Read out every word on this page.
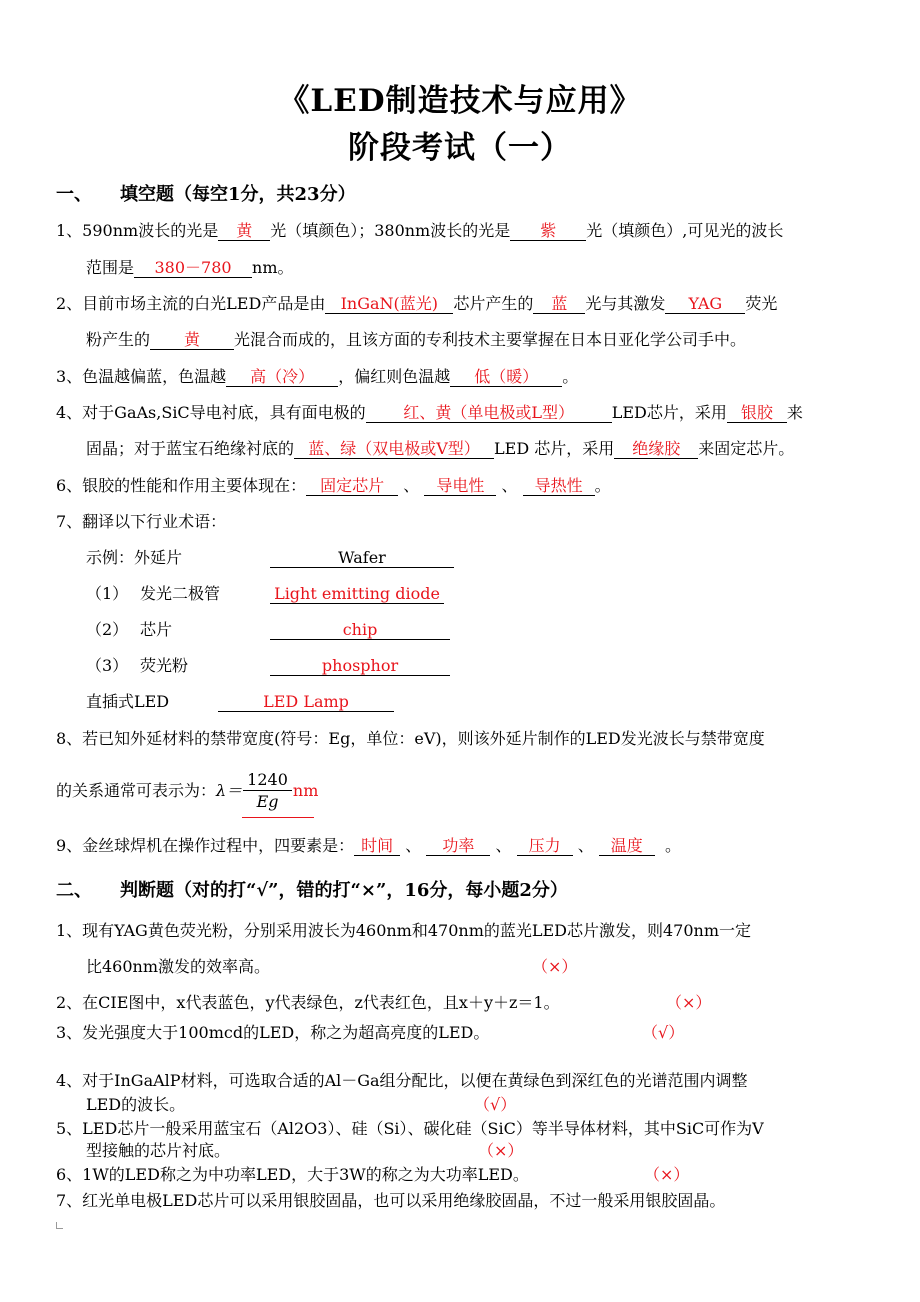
《LED制造技术与应用》
阶段考试（一）
一、 填空题（每空1分，共23分）
1、590nm波长的光是 黄 光（填颜色）；380nm波长的光是 紫 光（填颜色）,可见光的波长
范围是 380－780 nm。
2、目前市场主流的白光LED产品是由 InGaN(蓝光) 芯片产生的 蓝 光与其激发 YAG 荧光
粉产生的 黄 光混合而成的，且该方面的专利技术主要掌握在日本日亚化学公司手中。
3、色温越偏蓝，色温越 高（冷） ，偏红则色温越 低（暖） 。
4、对于GaAs,SiC导电衬底，具有面电极的 红、黄（单电极或L型） LED芯片，采用 银胶 来
固晶；对于蓝宝石绝缘衬底的 蓝、绿（双电极或V型） LED 芯片，采用 绝缘胶 来固定芯片。
6、银胶的性能和作用主要体现在： 固定芯片 、 导电性 、 导热性 。
7、翻译以下行业术语：
示例：外延片	Wafer
（1） 发光二极管	Light emitting diode
（2） 芯片	chip
（3） 荧光粉	phosphor
直插式LED	LED Lamp
8、若已知外延材料的禁带宽度(符号：Eg，单位：eV)，则该外延片制作的LED发光波长与禁带宽度
的关系通常可表示为：$\lambda= \frac{1240}{Eg}$ nm
9、金丝球焊机在操作过程中，四要素是： 时间 、 功率 、 压力 、 温度 。
二、 判断题（对的打“√”，错的打“×”，16分，每小题2分）
1、现有YAG黄色荧光粉，分别采用波长为460nm和470nm的蓝光LED芯片激发，则470nm一定
比460nm激发的效率高。	（×）
2、在CIE图中，x代表蓝色，y代表绿色，z代表红色，且x＋y＋z＝1。	（×）
3、发光强度大于100mcd的LED，称之为超高亮度的LED。	（√）
4、对于InGaAlP材料，可选取合适的Al－Ga组分配比，以便在黄绿色到深红色的光谱范围内调整
LED的波长。	（√）
5、LED芯片一般采用蓝宝石（Al2O3）、硅（Si）、碳化硅（SiC）等半导体材料，其中SiC可作为V
型接触的芯片衬底。	（×）
6、1W的LED称之为中功率LED，大于3W的称之为大功率LED。	（×）
7、红光单电极LED芯片可以采用银胶固晶，也可以采用绝缘胶固晶，不过一般采用银胶固晶。
